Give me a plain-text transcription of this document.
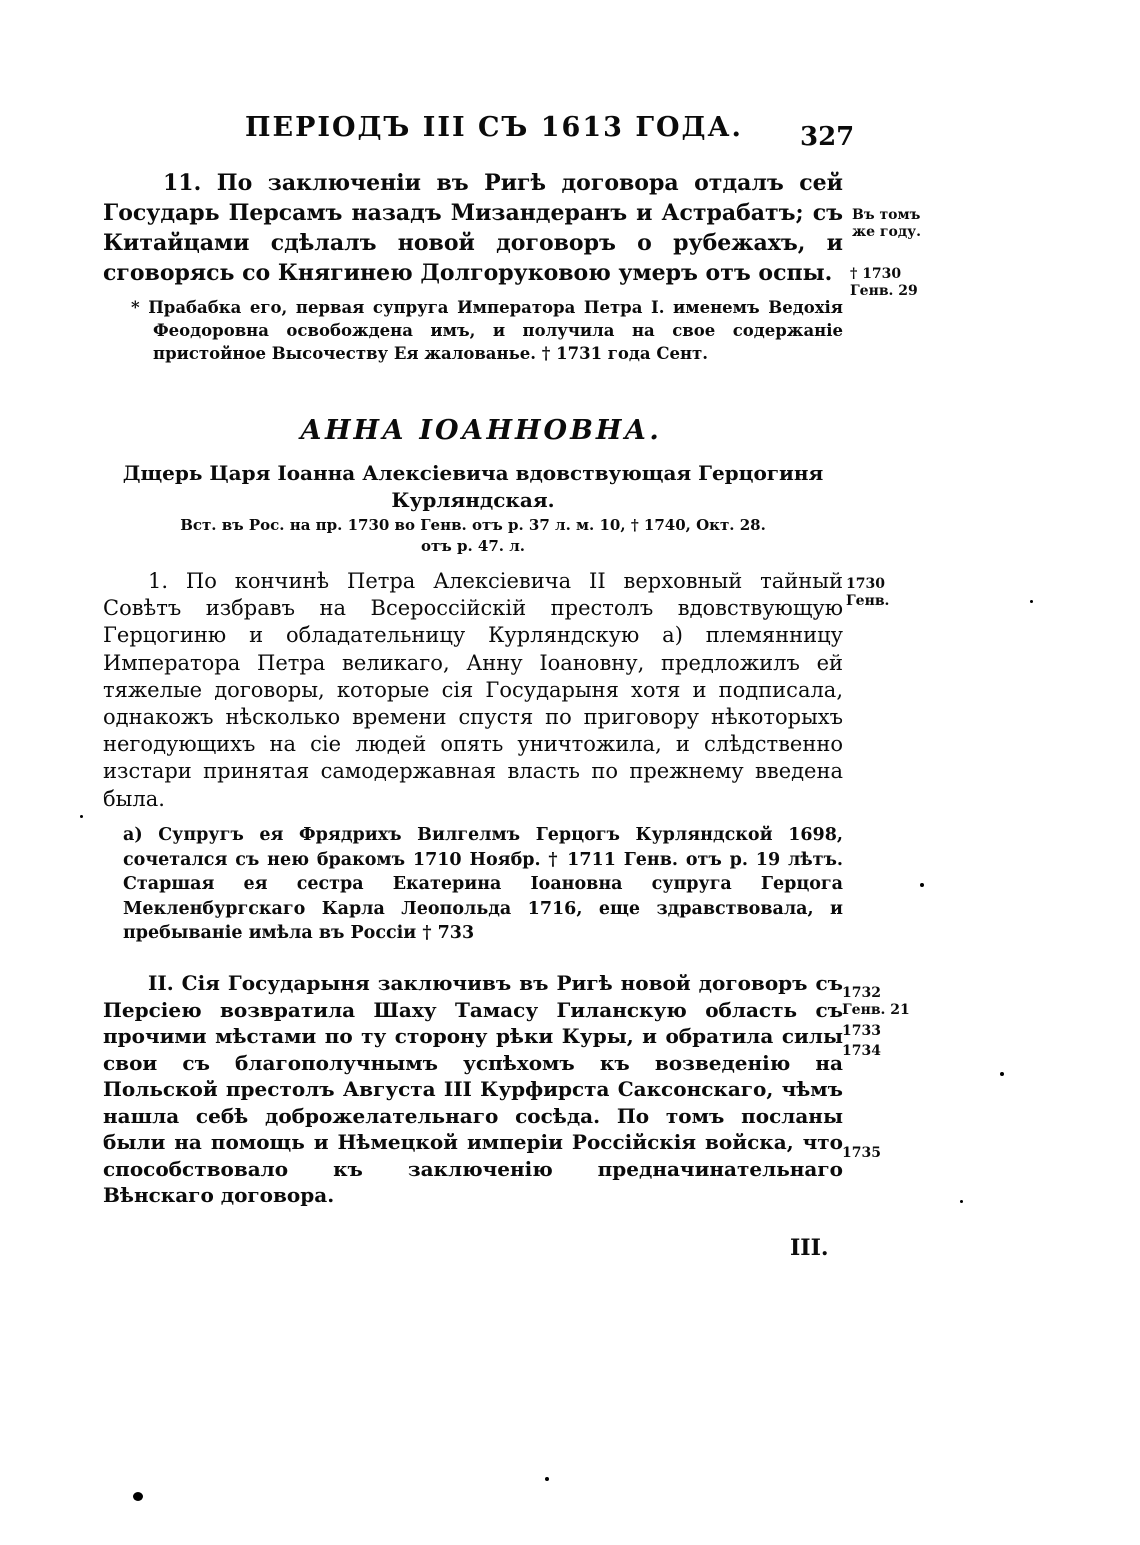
ПЕРIОДЪ III СЪ 1613 ГОДА. 327

11. По заключенiи въ Ригѣ договора отдалъ сей Государь Персамъ назадъ Мизандеранъ и Астрабатъ; съ Китайцами сдѣлалъ новой договоръ о рубежахъ, и сговорясь со Княгинею Долгоруковою умеръ отъ оспы.

* Прабабка его, первая супруга Императора Петра I. именемъ Ведохiя Феодоровна освобождена имъ, и получила на свое содержанiе пристойное Высочеству Ея жалованье. † 1731 года Сент.

АННА IОАННОВНА.
Дщерь Царя Iоанна Алексiевича вдовствующая Герцогиня
Курляндская.
Вст. въ Рос. на пр. 1730 во Генв. отъ р. 37 л. м. 10, † 1740, Окт. 28.
отъ р. 47. л.

1. По кончинѣ Петра Алексiевича II верховный тайный Совѣтъ избравъ на Всероссiйскiй престолъ вдовствующую Герцогиню и обладательницу Курляндскую а) племянницу Императора Петра великаго, Анну Iоановну, предложилъ ей тяжелые договоры, которые сiя Государыня хотя и подписала, однакожъ нѣсколько времени спустя по приговору нѣкоторыхъ негодующихъ на сiе людей опять уничтожила, и слѣдственно изстари принятая самодержавная власть по прежнему введена была.

а) Супругъ ея Фрядрихъ Вилгелмъ Герцогъ Курляндской 1698, сочетался съ нею бракомъ 1710 Ноябр. † 1711 Генв. отъ р. 19 лѣтъ. Старшая ея сестра Екатерина Iоановна супруга Герцога Мекленбургскаго Карла Леопольда 1716, еще здравствовала, и пребыванiе имѣла въ Россiи † 733

II. Сiя Государыня заключивъ въ Ригѣ новой договоръ съ Персiею возвратила Шаху Тамасу Гиланскую область съ прочими мѣстами по ту сторону рѣки Куры, и обратила силы свои съ благополучнымъ успѣхомъ къ возведенiю на Польской престолъ Августа III Курфирста Саксонскаго, чѣмъ нашла себѣ доброжелательнаго сосѣда. По томъ посланы были на помощь и Нѣмецкой имперiи Россiйскiя войска, что способствовало къ заключенiю предначинательнаго Вѣнскаго договора.

Въ томъ
же году.
† 1730
Генв. 29
1730
Генв.
1732
Генв. 21
1733
1734
1735
III.
